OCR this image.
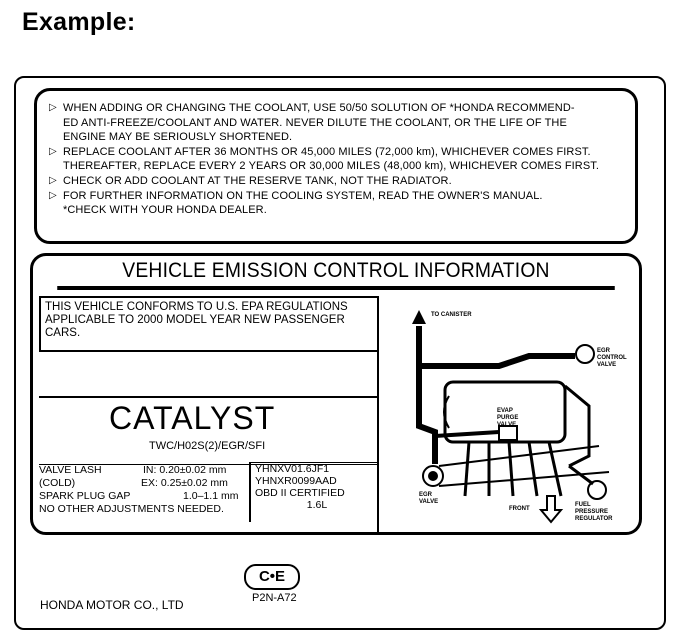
Example:
▷ WHEN ADDING OR CHANGING THE COOLANT, USE 50/50 SOLUTION OF *HONDA RECOMMEND-
ED ANTI-FREEZE/COOLANT AND WATER. NEVER DILUTE THE COOLANT, OR THE LIFE OF THE
ENGINE MAY BE SERIOUSLY SHORTENED.
▷ REPLACE COOLANT AFTER 36 MONTHS OR 45,000 MILES (72,000 km), WHICHEVER COMES FIRST.
THEREAFTER, REPLACE EVERY 2 YEARS OR 30,000 MILES (48,000 km), WHICHEVER COMES FIRST.
▷ CHECK OR ADD COOLANT AT THE RESERVE TANK, NOT THE RADIATOR.
▷ FOR FURTHER INFORMATION ON THE COOLING SYSTEM, READ THE OWNER'S MANUAL.
*CHECK WITH YOUR HONDA DEALER.
VEHICLE EMISSION CONTROL INFORMATION
THIS VEHICLE CONFORMS TO U.S. EPA REGULATIONS APPLICABLE TO 2000 MODEL YEAR NEW PASSENGER CARS.
CATALYST
TWC/H02S(2)/EGR/SFI
VALVE LASH	IN: 0.20±0.02 mm
(COLD)	EX: 0.25±0.02 mm
SPARK PLUG GAP	1.0–1.1 mm
NO OTHER ADJUSTMENTS NEEDED.
YHNXV01.6JF1
YHNXR0099AAD
OBD II CERTIFIED
1.6L
TO CANISTER
EGR
CONTROL
VALVE
EVAP
PURGE
VALVE
EGR
VALVE
FRONT
FUEL
PRESSURE
REGULATOR
HONDA MOTOR CO., LTD
C•E
P2N-A72
